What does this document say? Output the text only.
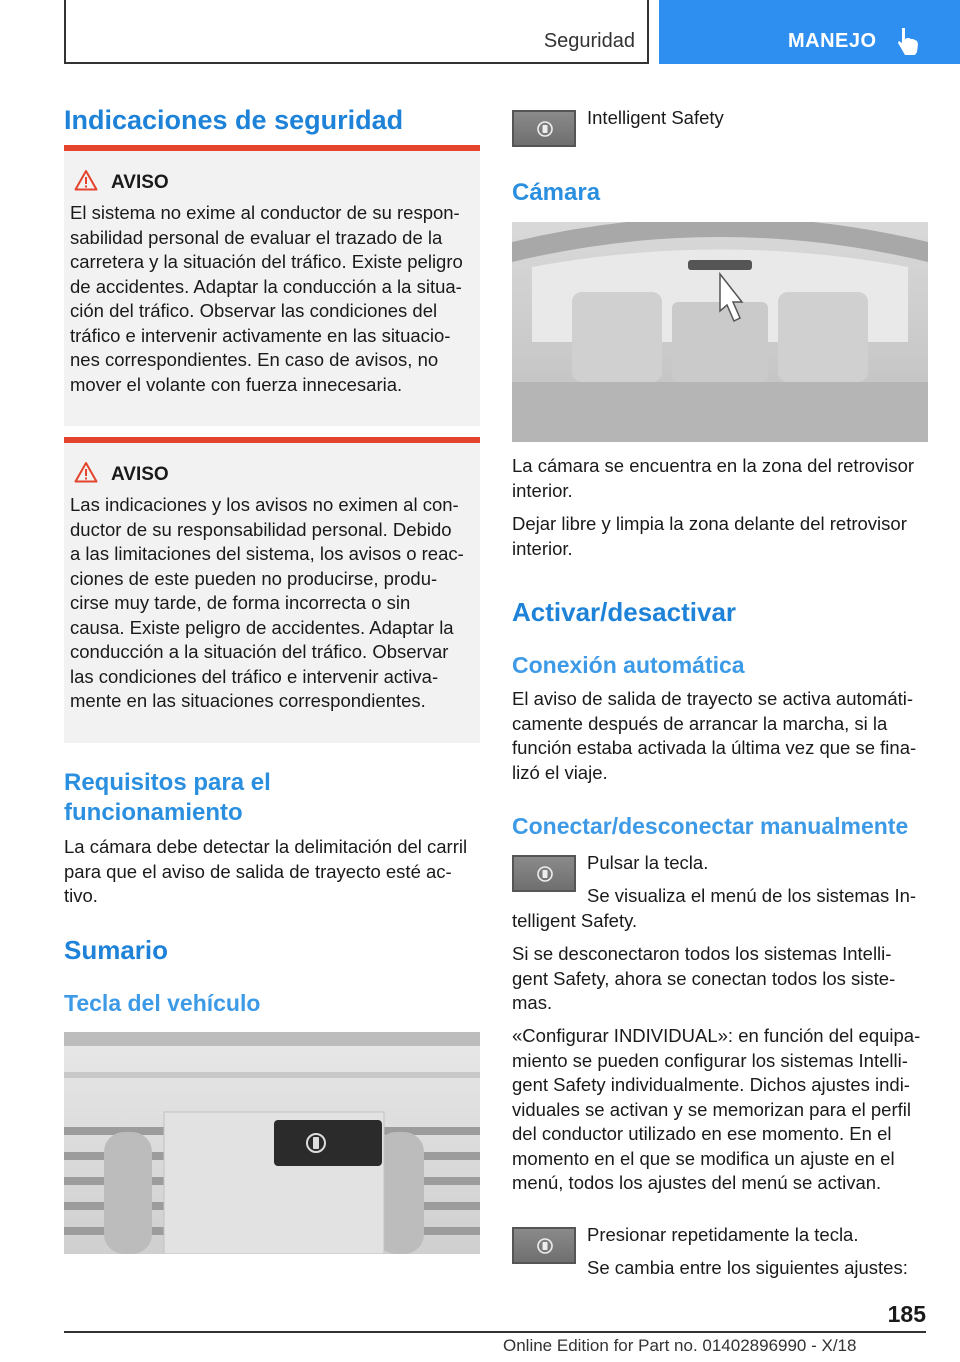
Seguridad	MANEJO
Indicaciones de seguridad
AVISO
El sistema no exime al conductor de su respon-
sabilidad personal de evaluar el trazado de la
carretera y la situación del tráfico. Existe peligro
de accidentes. Adaptar la conducción a la situa-
ción del tráfico. Observar las condiciones del
tráfico e intervenir activamente en las situacio-
nes correspondientes. En caso de avisos, no
mover el volante con fuerza innecesaria.
AVISO
Las indicaciones y los avisos no eximen al con-
ductor de su responsabilidad personal. Debido
a las limitaciones del sistema, los avisos o reac-
ciones de este pueden no producirse, produ-
cirse muy tarde, de forma incorrecta o sin
causa. Existe peligro de accidentes. Adaptar la
conducción a la situación del tráfico. Observar
las condiciones del tráfico e intervenir activa-
mente en las situaciones correspondientes.
Requisitos para el
funcionamiento
La cámara debe detectar la delimitación del carril
para que el aviso de salida de trayecto esté ac-
tivo.
Sumario
Tecla del vehículo
Intelligent Safety
Cámara
La cámara se encuentra en la zona del retrovisor
interior.
Dejar libre y limpia la zona delante del retrovisor
interior.
Activar/desactivar
Conexión automática
El aviso de salida de trayecto se activa automáti-
camente después de arrancar la marcha, si la
función estaba activada la última vez que se fina-
lizó el viaje.
Conectar/desconectar manualmente
Pulsar la tecla.
Se visualiza el menú de los sistemas In-
telligent Safety.
Si se desconectaron todos los sistemas Intelli-
gent Safety, ahora se conectan todos los siste-
mas.
«Configurar INDIVIDUAL»: en función del equipa-
miento se pueden configurar los sistemas Intelli-
gent Safety individualmente. Dichos ajustes indi-
viduales se activan y se memorizan para el perfil
del conductor utilizado en ese momento. En el
momento en el que se modifica un ajuste en el
menú, todos los ajustes del menú se activan.
Presionar repetidamente la tecla.
Se cambia entre los siguientes ajustes:
185
Online Edition for Part no. 01402896990 - X/18
